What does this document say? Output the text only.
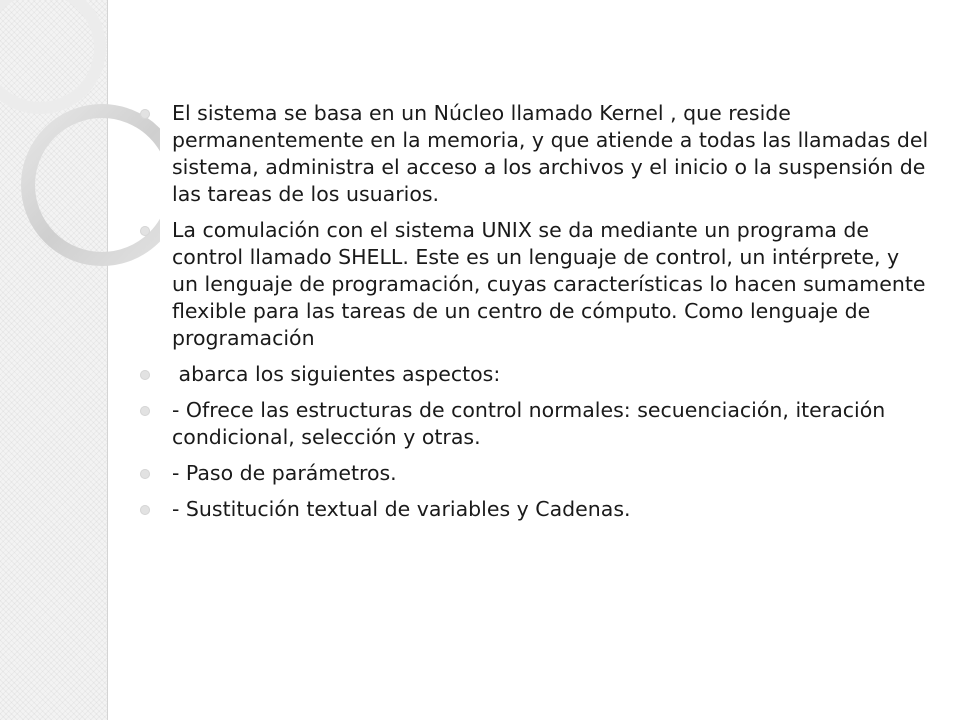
El sistema se basa en un Núcleo llamado Kernel , que reside permanentemente en la memoria, y que atiende a todas las llamadas del sistema, administra el acceso a los archivos y el inicio o la suspensión de las tareas de los usuarios.
La comulación con el sistema UNIX se da mediante un programa de control llamado SHELL. Este es un lenguaje de control, un intérprete, y un lenguaje de programación, cuyas características lo hacen sumamente flexible para las tareas de un centro de cómputo. Como lenguaje de programación
abarca los siguientes aspectos:
- Ofrece las estructuras de control normales: secuenciación, iteración condicional, selección y otras.
- Paso de parámetros.
- Sustitución textual de variables y Cadenas.
